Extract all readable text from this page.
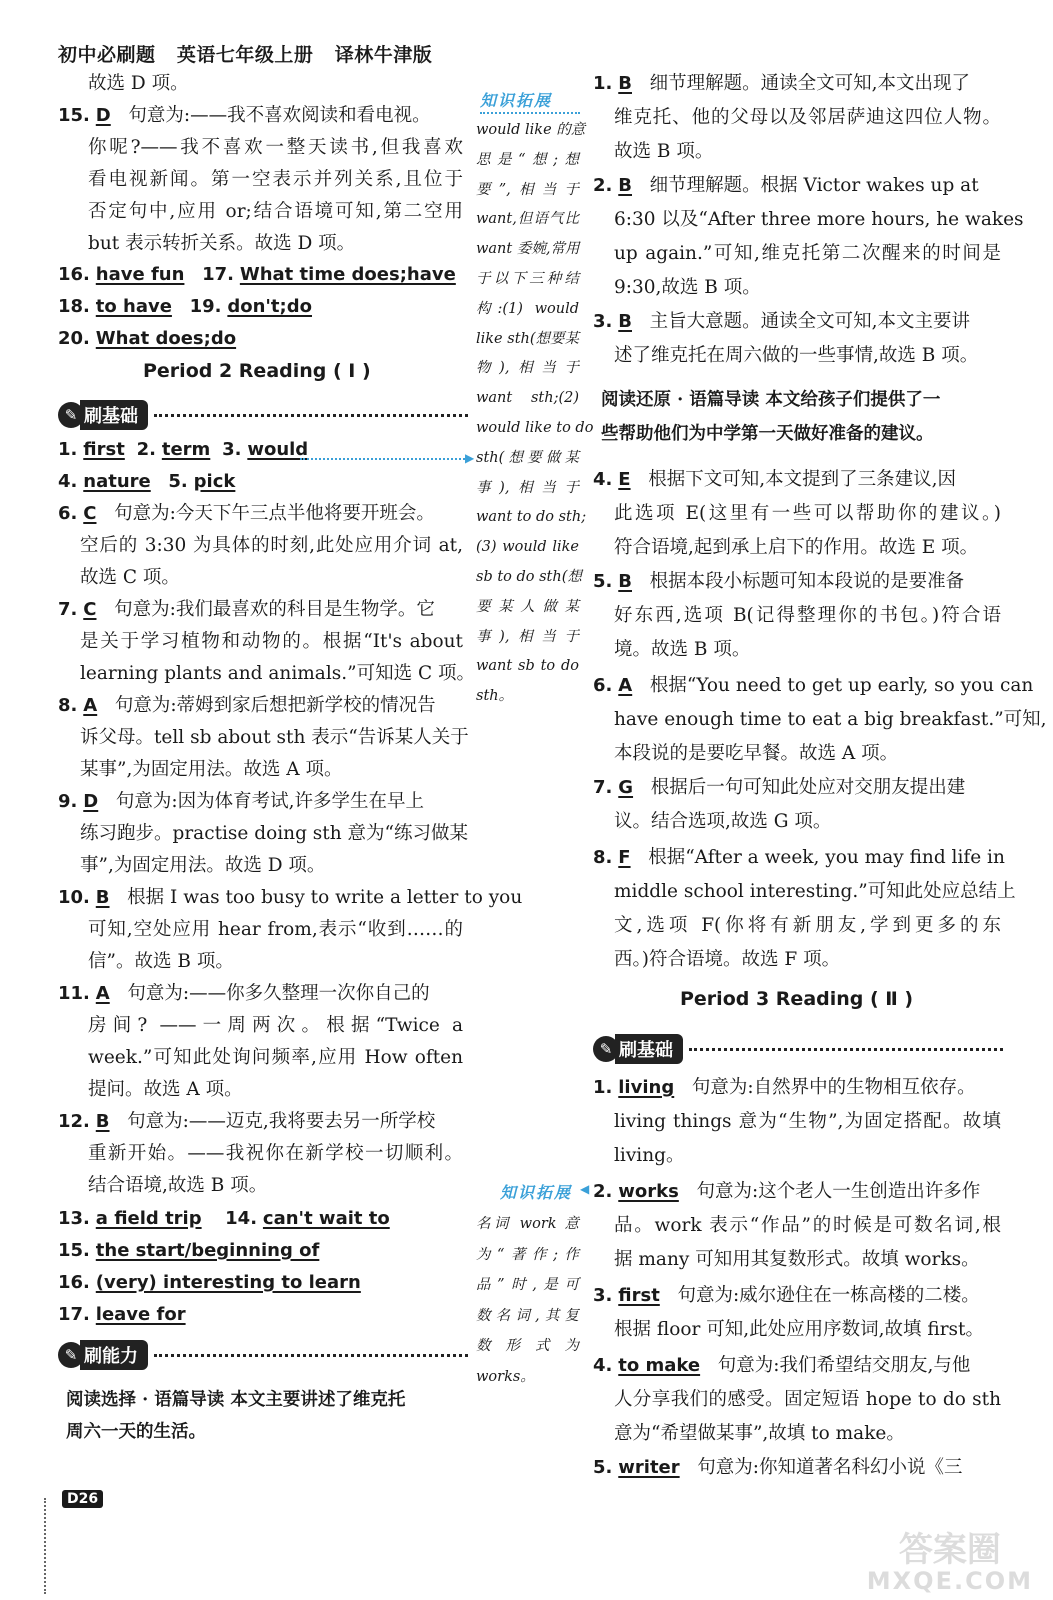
初中必刷题 英语七年级上册 译林牛津版
故选 D 项。
15. D 句意为:——我不喜欢阅读和看电视。
你呢?——我不喜欢一整天读书,但我喜欢
看电视新闻。第一空表示并列关系,且位于
否定句中,应用 or;结合语境可知,第二空用
but 表示转折关系。故选 D 项。
16. have fun 17. What time does;have
18. to have 19. don't;do
20. What does;do
Period 2 Reading ( Ⅰ )
✎ 刷基础
1. first 2. term 3. would	▶
4. nature 5. pick
6. C 句意为:今天下午三点半他将要开班会。
空后的 3:30 为具体的时刻,此处应用介词 at,
故选 C 项。
7. C 句意为:我们最喜欢的科目是生物学。它
是关于学习植物和动物的。根据“It's about
learning plants and animals.”可知选 C 项。
8. A 句意为:蒂姆到家后想把新学校的情况告
诉父母。tell sb about sth 表示“告诉某人关于
某事”,为固定用法。故选 A 项。
9. D 句意为:因为体育考试,许多学生在早上
练习跑步。practise doing sth 意为“练习做某
事”,为固定用法。故选 D 项。
10. B 根据 I was too busy to write a letter to you
可知,空处应用 hear from,表示“收到……的
信”。故选 B 项。
11. A 句意为:——你多久整理一次你自己的
房间? ——一周两次。根据“Twice a
week.”可知此处询问频率,应用 How often
提问。故选 A 项。
12. B 句意为:——迈克,我将要去另一所学校
重新开始。——我祝你在新学校一切顺利。
结合语境,故选 B 项。
13. a field trip 14. can't wait to
15. the start/beginning of
16. (very) interesting to learn
17. leave for
✎ 刷能力
阅读选择 · 语篇导读 本文主要讲述了维克托
周六一天的生活。
知识拓展
would like 的意
思是“想;想
要”,相当于
want,但语气比
want 委婉,常用
于以下三种结
构:(1) would
like sth(想要某
物),相当于
want sth;(2)
would like to do
sth(想要做某
事),相当于
want to do sth;
(3) would like
sb to do sth(想
要某人做某
事),相当于
want sb to do
sth。
知识拓展 ◀
名词 work 意
为“著作;作
品”时,是可
数名词,其复
数形式为
works。
1. B 细节理解题。通读全文可知,本文出现了
维克托、他的父母以及邻居萨迪这四位人物。
故选 B 项。
2. B 细节理解题。根据 Victor wakes up at
6:30 以及“After three more hours, he wakes
up again.”可知,维克托第二次醒来的时间是
9:30,故选 B 项。
3. B 主旨大意题。通读全文可知,本文主要讲
述了维克托在周六做的一些事情,故选 B 项。
阅读还原 · 语篇导读 本文给孩子们提供了一
些帮助他们为中学第一天做好准备的建议。
4. E 根据下文可知,本文提到了三条建议,因
此选项 E(这里有一些可以帮助你的建议。)
符合语境,起到承上启下的作用。故选 E 项。
5. B 根据本段小标题可知本段说的是要准备
好东西,选项 B(记得整理你的书包。)符合语
境。故选 B 项。
6. A 根据“You need to get up early, so you can
have enough time to eat a big breakfast.”可知,
本段说的是要吃早餐。故选 A 项。
7. G 根据后一句可知此处应对交朋友提出建
议。结合选项,故选 G 项。
8. F 根据“After a week, you may find life in
middle school interesting.”可知此处应总结上
文,选项 F(你将有新朋友,学到更多的东
西。)符合语境。故选 F 项。
Period 3 Reading ( Ⅱ )
✎ 刷基础
1. living 句意为:自然界中的生物相互依存。
living things 意为“生物”,为固定搭配。故填
living。
2. works 句意为:这个老人一生创造出许多作
品。work 表示“作品”的时候是可数名词,根
据 many 可知用其复数形式。故填 works。
3. first 句意为:威尔逊住在一栋高楼的二楼。
根据 floor 可知,此处应用序数词,故填 first。
4. to make 句意为:我们希望结交朋友,与他
人分享我们的感受。固定短语 hope to do sth
意为“希望做某事”,故填 to make。
5. writer 句意为:你知道著名科幻小说《三
D26
答案圈
MXQE.COM
